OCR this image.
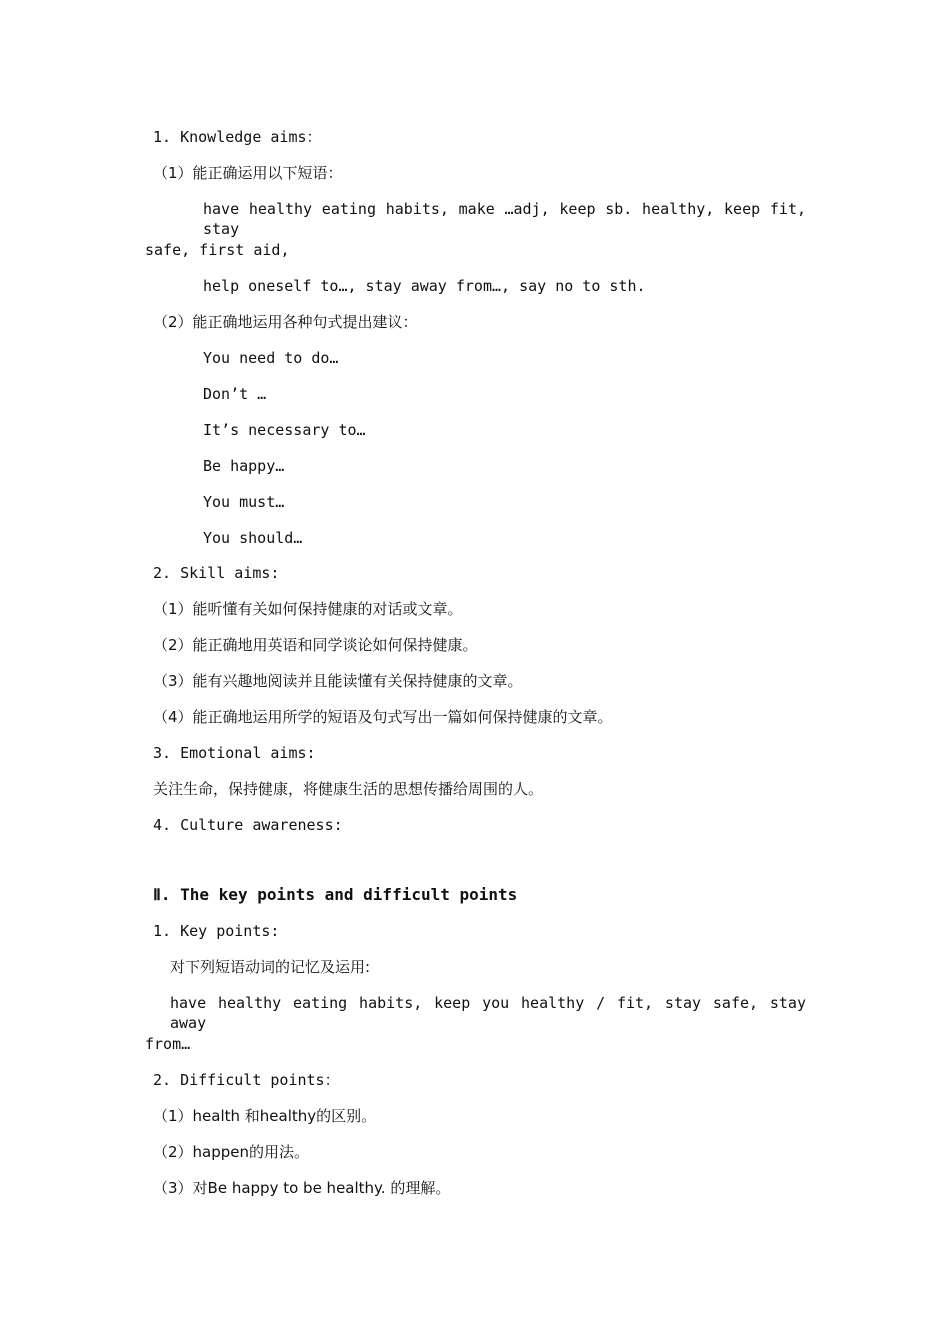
1. Knowledge aims：
（1）能正确运用以下短语：
have healthy eating habits, make …adj, keep sb. healthy, keep fit, stay
safe, first aid,
help oneself to…, stay away from…, say no to sth.
（2）能正确地运用各种句式提出建议：
You need to do…
Don’t …
It’s necessary to…
Be happy…
You must…
You should…
2. Skill aims:
（1）能听懂有关如何保持健康的对话或文章。
（2）能正确地用英语和同学谈论如何保持健康。
（3）能有兴趣地阅读并且能读懂有关保持健康的文章。
（4）能正确地运用所学的短语及句式写出一篇如何保持健康的文章。
3. Emotional aims:
关注生命，保持健康，将健康生活的思想传播给周围的人。
4. Culture awareness:
Ⅱ. The key points and difficult points
1. Key points:
对下列短语动词的记忆及运用:
have healthy eating habits, keep you healthy / fit, stay safe, stay away
from…
2. Difficult points：
（1）health 和healthy的区别。
（2）happen的用法。
（3）对Be happy to be healthy. 的理解。
